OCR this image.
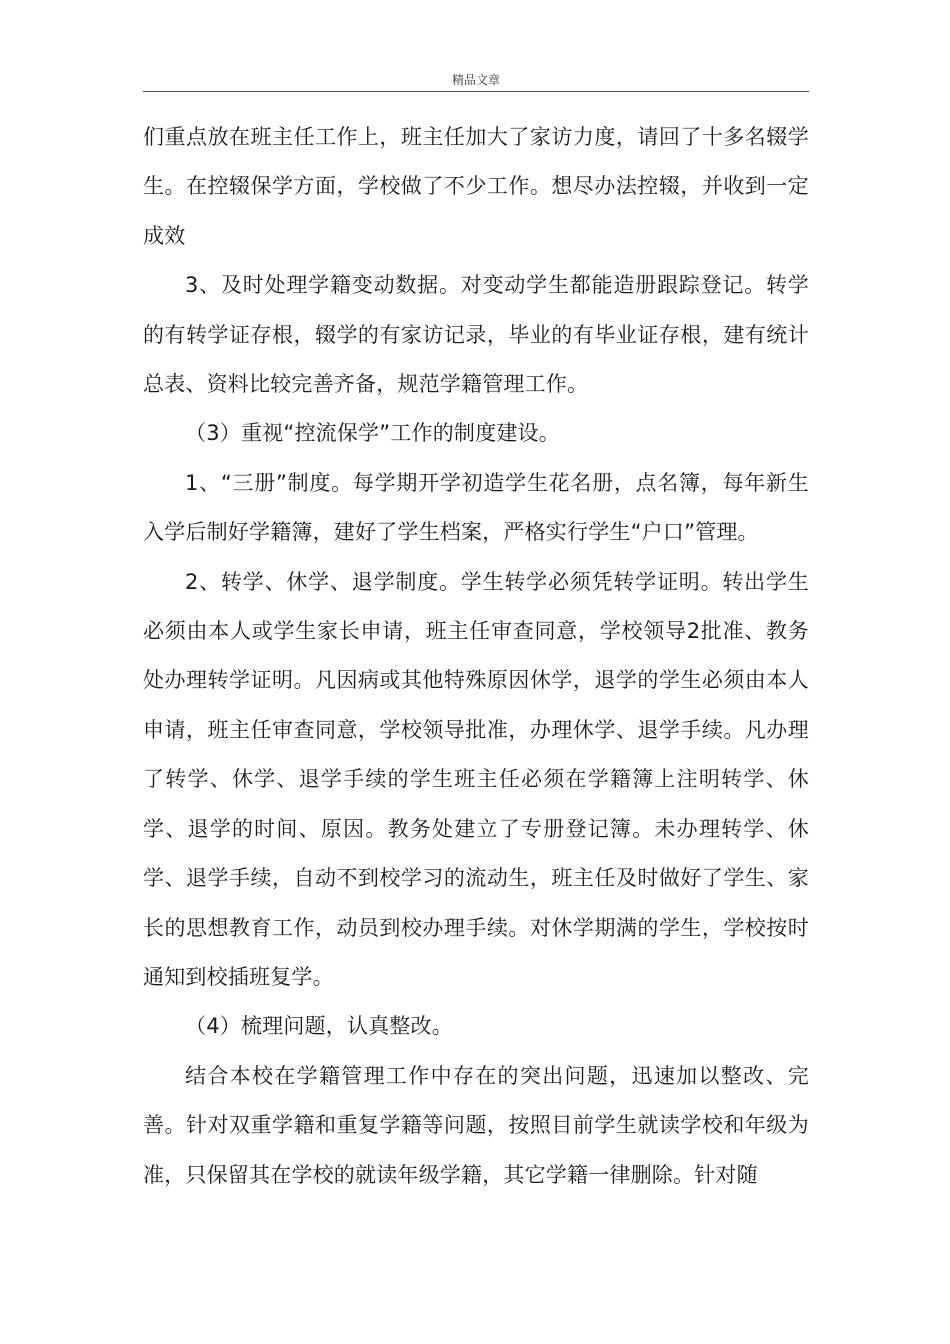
精品文章

们重点放在班主任工作上，班主任加大了家访力度，请回了十多名辍学生。在控辍保学方面，学校做了不少工作。想尽办法控辍，并收到一定成效

3、及时处理学籍变动数据。对变动学生都能造册跟踪登记。转学的有转学证存根，辍学的有家访记录，毕业的有毕业证存根，建有统计总表、资料比较完善齐备，规范学籍管理工作。

（3）重视“控流保学”工作的制度建设。

1、“三册”制度。每学期开学初造学生花名册，点名簿，每年新生入学后制好学籍簿，建好了学生档案，严格实行学生“户口”管理。

2、转学、休学、退学制度。学生转学必须凭转学证明。转出学生必须由本人或学生家长申请，班主任审查同意，学校领导2批准、教务处办理转学证明。凡因病或其他特殊原因休学，退学的学生必须由本人申请，班主任审查同意，学校领导批准，办理休学、退学手续。凡办理了转学、休学、退学手续的学生班主任必须在学籍簿上注明转学、休学、退学的时间、原因。教务处建立了专册登记簿。未办理转学、休学、退学手续，自动不到校学习的流动生，班主任及时做好了学生、家长的思想教育工作，动员到校办理手续。对休学期满的学生，学校按时通知到校插班复学。

（4）梳理问题，认真整改。

结合本校在学籍管理工作中存在的突出问题，迅速加以整改、完善。针对双重学籍和重复学籍等问题，按照目前学生就读学校和年级为准，只保留其在学校的就读年级学籍，其它学籍一律删除。针对随
